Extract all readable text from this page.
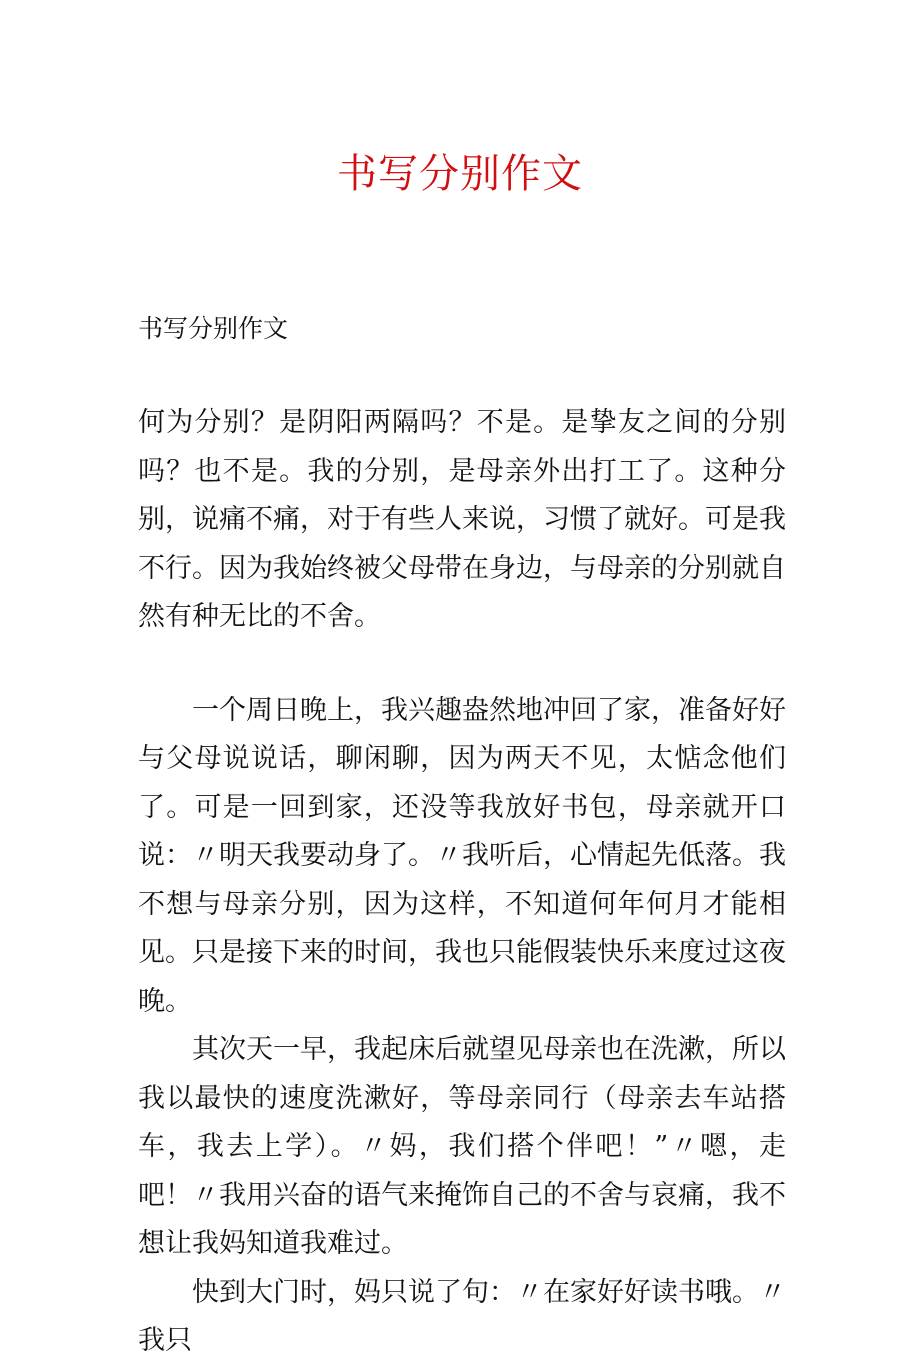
书写分别作文

书写分别作文

何为分别？是阴阳两隔吗？不是。是挚友之间的分别吗？也不是。我的分别，是母亲外出打工了。这种分别，说痛不痛，对于有些人来说，习惯了就好。可是我不行。因为我始终被父母带在身边，与母亲的分别就自然有种无比的不舍。

一个周日晚上，我兴趣盎然地冲回了家，准备好好与父母说说话，聊闲聊，因为两天不见，太惦念他们了。可是一回到家，还没等我放好书包，母亲就开口说：〃明天我要动身了。〃我听后，心情起先低落。我不想与母亲分别，因为这样，不知道何年何月才能相见。只是接下来的时间，我也只能假装快乐来度过这夜晚。

其次天一早，我起床后就望见母亲也在洗漱，所以我以最快的速度洗漱好，等母亲同行（母亲去车站搭车，我去上学）。〃妈，我们搭个伴吧！”〃嗯，走吧！〃我用兴奋的语气来掩饰自己的不舍与哀痛，我不想让我妈知道我难过。

快到大门时，妈只说了句：〃在家好好读书哦。〃我只
